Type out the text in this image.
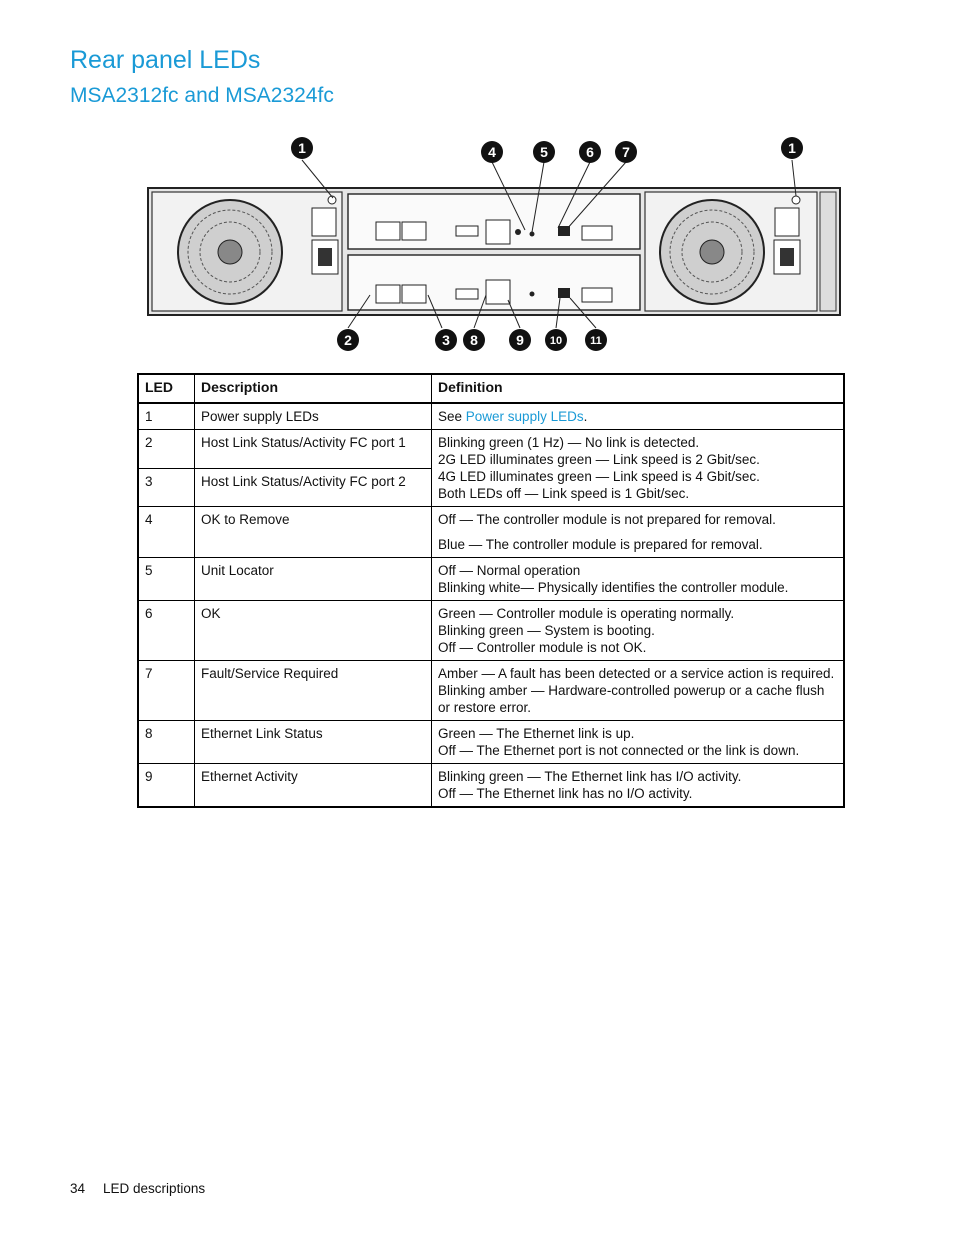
Rear panel LEDs
MSA2312fc and MSA2324fc
1	4	5	6 7	1
2	3 8	9 10	11
LED	Description	Definition
1	Power supply LEDs	See Power supply LEDs.
2	Host Link Status/Activity FC port 1	Blinking green (1 Hz) — No link is detected.
2G LED illuminates green — Link speed is 2 Gbit/sec.
4G LED illuminates green — Link speed is 4 Gbit/sec.
Both LEDs off — Link speed is 1 Gbit/sec.

3	Host Link Status/Activity FC port 2	
4	OK to Remove	Off — The controller module is not prepared for removal.
Blue — The controller module is prepared for removal.

5	Unit Locator	Off — Normal operation
Blinking white— Physically identifies the controller module.

6	OK	Green — Controller module is operating normally.
Blinking green — System is booting.
Off — Controller module is not OK.

7	Fault/Service Required	Amber — A fault has been detected or a service action is required.
Blinking amber — Hardware-controlled powerup or a cache flush or restore error.

8	Ethernet Link Status	Green — The Ethernet link is up.
Off — The Ethernet port is not connected or the link is down.

9	Ethernet Activity	Blinking green — The Ethernet link has I/O activity.
Off — The Ethernet link has no I/O activity.
34 LED descriptions
